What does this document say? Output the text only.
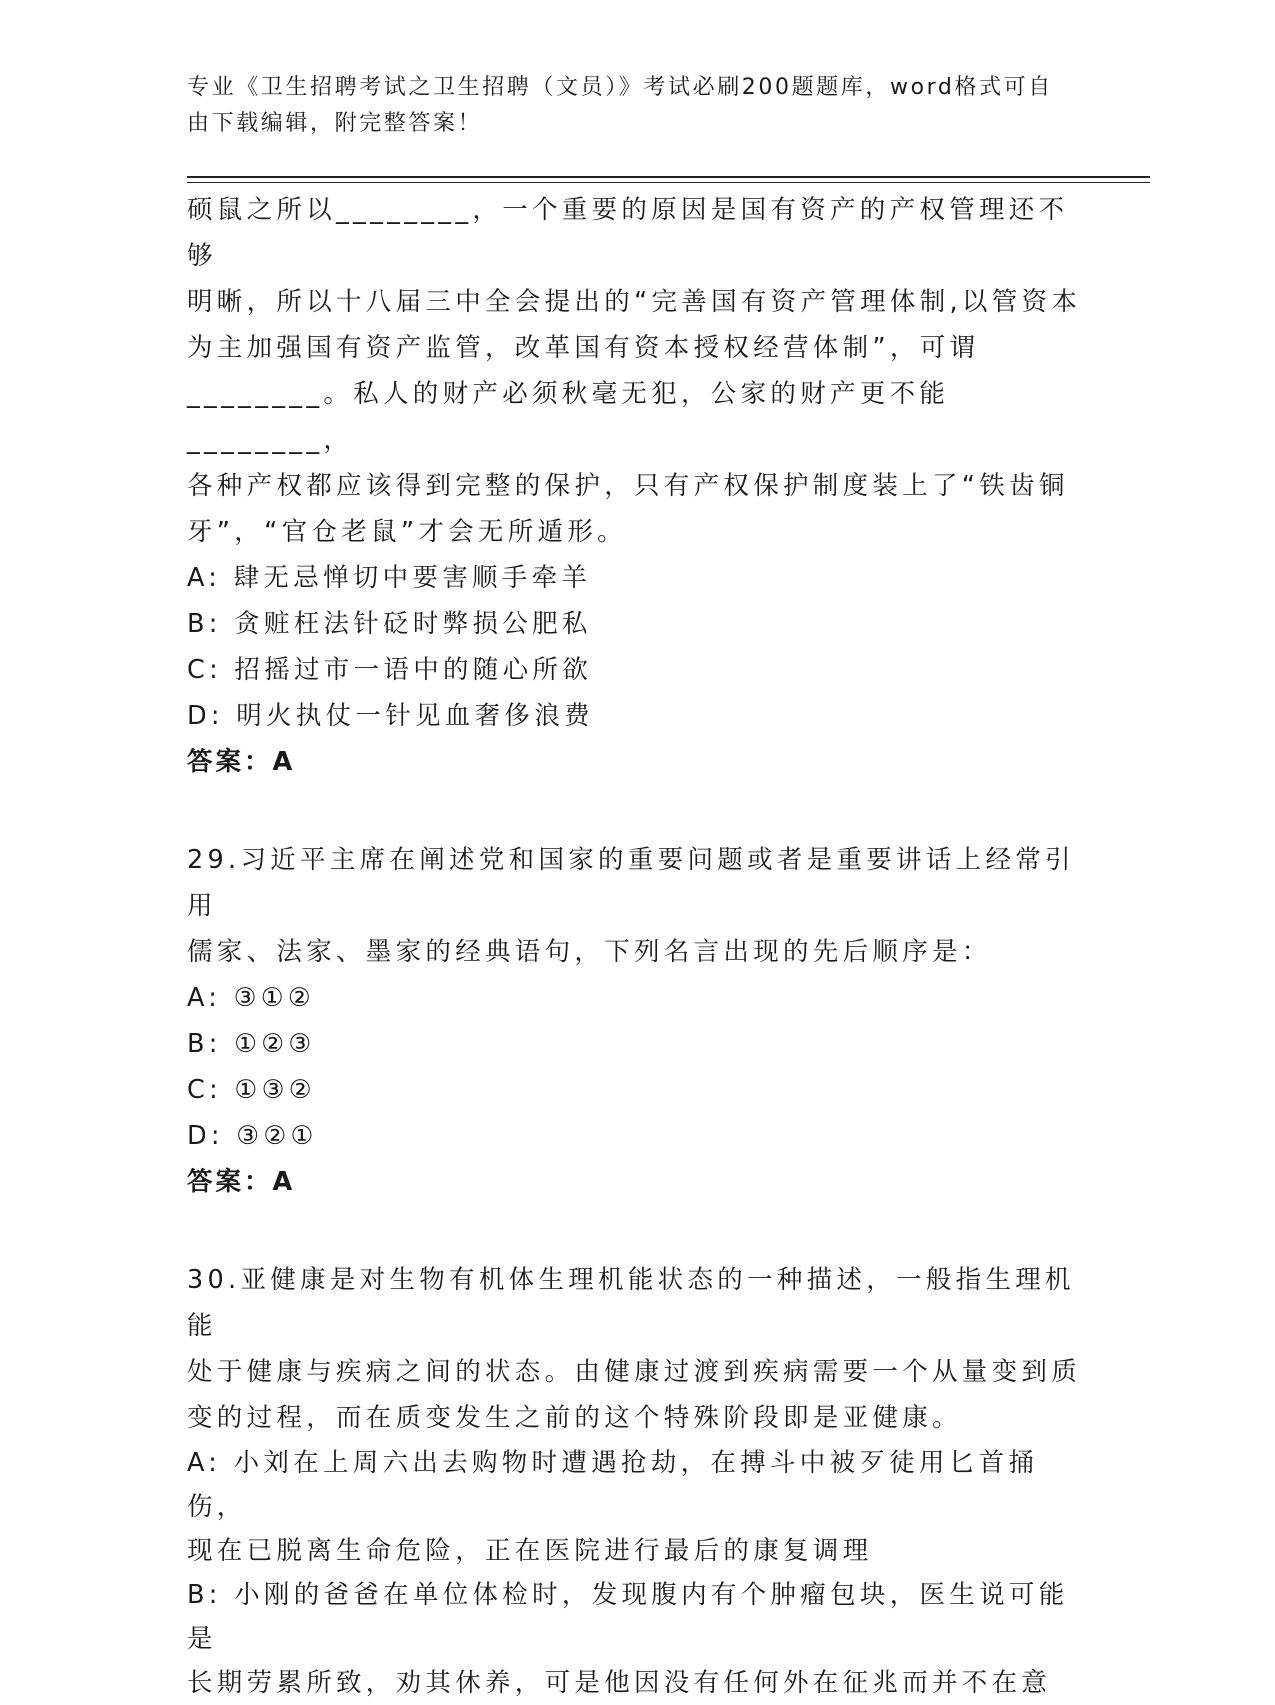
专业《卫生招聘考试之卫生招聘（文员）》考试必刷200题题库，word格式可自
由下载编辑，附完整答案！

硕鼠之所以________，一个重要的原因是国有资产的产权管理还不够

明晰，所以十八届三中全会提出的“完善国有资产管理体制,以管资本

为主加强国有资产监管，改革国有资本授权经营体制”，可谓

________。私人的财产必须秋毫无犯，公家的财产更不能________，

各种产权都应该得到完整的保护，只有产权保护制度装上了“铁齿铜

牙”，“官仓老鼠”才会无所遁形。

A: 肆无忌惮切中要害顺手牵羊

B: 贪赃枉法针砭时弊损公肥私

C: 招摇过市一语中的随心所欲

D: 明火执仗一针见血奢侈浪费

答案：A

29.习近平主席在阐述党和国家的重要问题或者是重要讲话上经常引用

儒家、法家、墨家的经典语句，下列名言出现的先后顺序是：

A: ③①②

B: ①②③

C: ①③②

D: ③②①

答案：A

30.亚健康是对生物有机体生理机能状态的一种描述，一般指生理机能

处于健康与疾病之间的状态。由健康过渡到疾病需要一个从量变到质

变的过程，而在质变发生之前的这个特殊阶段即是亚健康。

A: 小刘在上周六出去购物时遭遇抢劫，在搏斗中被歹徒用匕首捅伤，

现在已脱离生命危险，正在医院进行最后的康复调理

B: 小刚的爸爸在单位体检时，发现腹内有个肿瘤包块，医生说可能是

长期劳累所致，劝其休养，可是他因没有任何外在征兆而并不在意
